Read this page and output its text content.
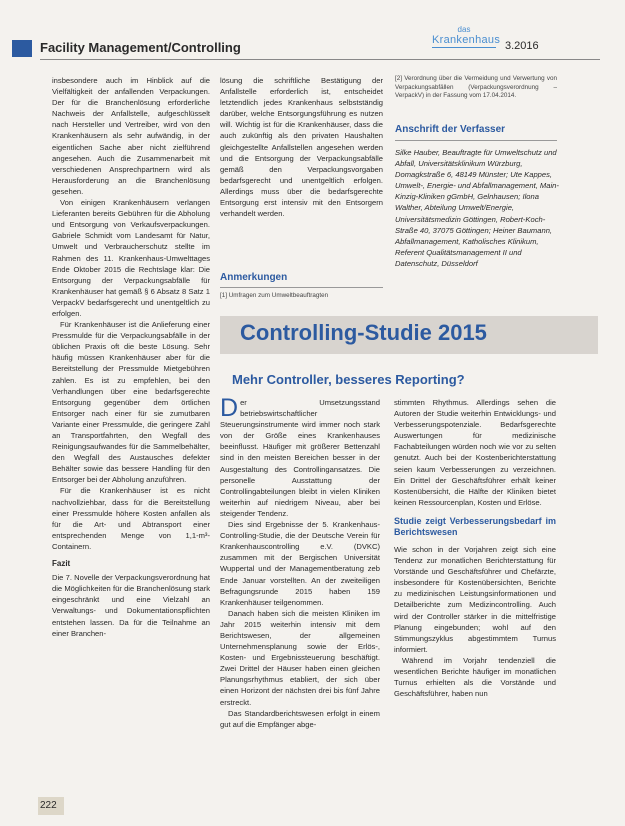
Facility Management/Controlling
das
Krankenhaus 3.2016

insbesondere auch im Hinblick auf die Vielfältigkeit der anfallenden Verpackungen. Der für die Branchenlösung erforderliche Nachweis der Anfallstelle, aufgeschlüsselt nach Hersteller und Vertreiber, wird von den Krankenhäusern als sehr aufwändig, in der eigentlichen Sache aber nicht zielführend angesehen. Auch die Zusammenarbeit mit verschiedenen Ansprechpartnern wird als Herausforderung an die Branchenlösung gesehen.

Von einigen Krankenhäusern verlangen Lieferanten bereits Gebühren für die Abholung und Entsorgung von Verkaufsverpackungen. Gabriele Schmidt vom Landesamt für Natur, Umwelt und Verbraucherschutz stellte im Rahmen des 11. Krankenhaus-Umwelttages Ende Oktober 2015 die Rechtslage klar: Die Entsorgung der Verpackungsabfälle für Krankenhäuser hat gemäß § 6 Absatz 8 Satz 1 VerpackV bedarfsgerecht und unentgeltlich zu erfolgen.

Für Krankenhäuser ist die Anlieferung einer Pressmulde für die Verpackungsabfälle in der üblichen Praxis oft die beste Lösung. Sehr häufig müssen Krankenhäuser aber für die Bereitstellung der Pressmulde Mietgebühren zahlen. Es ist zu empfehlen, bei den Verhandlungen über eine bedarfsgerechte Entsorgung gegenüber dem örtlichen Entsorger nach einer für sie zumutbaren Variante einer Pressmulde, die geringere Zahl an Transportfahrten, den Wegfall des Reinigungsaufwandes für die Sammelbehälter, den Wegfall des Austausches defekter Behälter sowie das bessere Handling für den Entsorger bei der Abholung anzuführen.

Für die Krankenhäuser ist es nicht nachvollziehbar, dass für die Bereitstellung einer Pressmulde höhere Kosten anfallen als für die Art- und Abtransport einer entsprechenden Menge von 1,1-m³-Containern.

Fazit

Die 7. Novelle der Verpackungsverordnung hat die Möglichkeiten für die Branchenlösung stark eingeschränkt und eine Vielzahl an Verwaltungs- und Dokumentationspflichten entstehen lassen. Da für die Teilnahme an einer Branchen-

lösung die schriftliche Bestätigung der Anfallstelle erforderlich ist, entscheidet letztendlich jedes Krankenhaus selbstständig darüber, welche Entsorgungsführung es nutzen will. Wichtig ist für die Krankenhäuser, dass die auch zukünftig als den privaten Haushalten gleichgestellte Anfallstellen angesehen werden und die Entsorgung der Verpackungsabfälle gemäß den Verpackungsvorgaben bedarfsgerecht und unentgeltlich erfolgen. Allerdings muss über die bedarfsgerechte Entsorgung erst intensiv mit den Entsorgern verhandelt werden.

Anmerkungen
[1] Umfragen zum Umweltbeauftragten
[2] Verordnung über die Vermeidung und Verwertung von Verpackungsabfällen (Verpackungsverordnung – VerpackV) in der Fassung vom 17.04.2014.
Anschrift der Verfasser
Silke Hauber, Beauftragte für Umweltschutz und Abfall, Universitätsklinikum Würzburg, Domagkstraße 6, 48149 Münster; Ute Kappes, Umwelt-, Energie- und Abfallmanagement, Main-Kinzig-Kliniken gGmbH, Gelnhausen; Ilona Walther, Abteilung Umwelt/Energie, Universitätsmedizin Göttingen, Robert-Koch-Straße 40, 37075 Göttingen; Heiner Baumann, Abfallmanagement, Katholisches Klinikum, Referent Qualitätsmanagement II und Datenschutz, Düsseldorf
Controlling-Studie 2015
Mehr Controller, besseres Reporting?

Der Umsetzungsstand betriebswirtschaftlicher Steuerungsinstrumente wird immer noch stark von der Größe eines Krankenhauses beeinflusst. Häufiger mit größerer Bettenzahl sind in den meisten Bereichen besser in der Ausgestaltung des Controllingansatzes. Die personelle Ausstattung der Controllingabteilungen bleibt in vielen Kliniken weiterhin auf niedrigem Niveau, aber bei steigender Tendenz.

Dies sind Ergebnisse der 5. Krankenhaus-Controlling-Studie, die der Deutsche Verein für Krankenhauscontrolling e.V. (DVKC) zusammen mit der Bergischen Universität Wuppertal und der Managementberatung zeb Ende Januar vorstellten. An der zweiteiligen Befragungsrunde 2015 haben 159 Krankenhäuser teilgenommen.

Danach haben sich die meisten Kliniken im Jahr 2015 weiterhin intensiv mit dem Berichtswesen, der allgemeinen Unternehmensplanung sowie der Erlös-, Kosten- und Ergebnissteuerung beschäftigt. Zwei Drittel der Häuser haben einen gleichen Planungsrhythmus etabliert, der sich über einen Horizont der nächsten drei bis fünf Jahre erstreckt.

Das Standardberichtswesen erfolgt in einem gut auf die Empfänger abge-

stimmten Rhythmus. Allerdings sehen die Autoren der Studie weiterhin Entwicklungs- und Verbesserungspotenziale. Bedarfsgerechte Auswertungen für medizinische Fachabteilungen würden noch wie vor zu selten genutzt. Auch bei der Kostenberichterstattung seien kaum Verbesserungen zu verzeichnen. Ein Drittel der Geschäftsführer erhält keiner Kostenübersicht, die Hälfte der Kliniken bietet keinen Ressourcenplan, Kosten und Erlöse.

Studie zeigt Verbesserungsbedarf im Berichtswesen

Wie schon in der Vorjahren zeigt sich eine Tendenz zur monatlichen Berichterstattung für Vorstände und Geschäftsführer und Chefärzte, insbesondere für Kostenübersichten, Berichte zu medizinischen Leistungsinformationen und Detailberichte zum Medizincontrolling. Auch wird der Controller stärker in die mittelfristige Planung eingebunden; wohl auf den Stimmungszyklus abgestimmtem Turnus informiert.

Während im Vorjahr tendenziell die wesentlichen Berichte häufiger im monatlichen Turnus erhielten als die Vorstände und Geschäftsführer, haben nun

222
